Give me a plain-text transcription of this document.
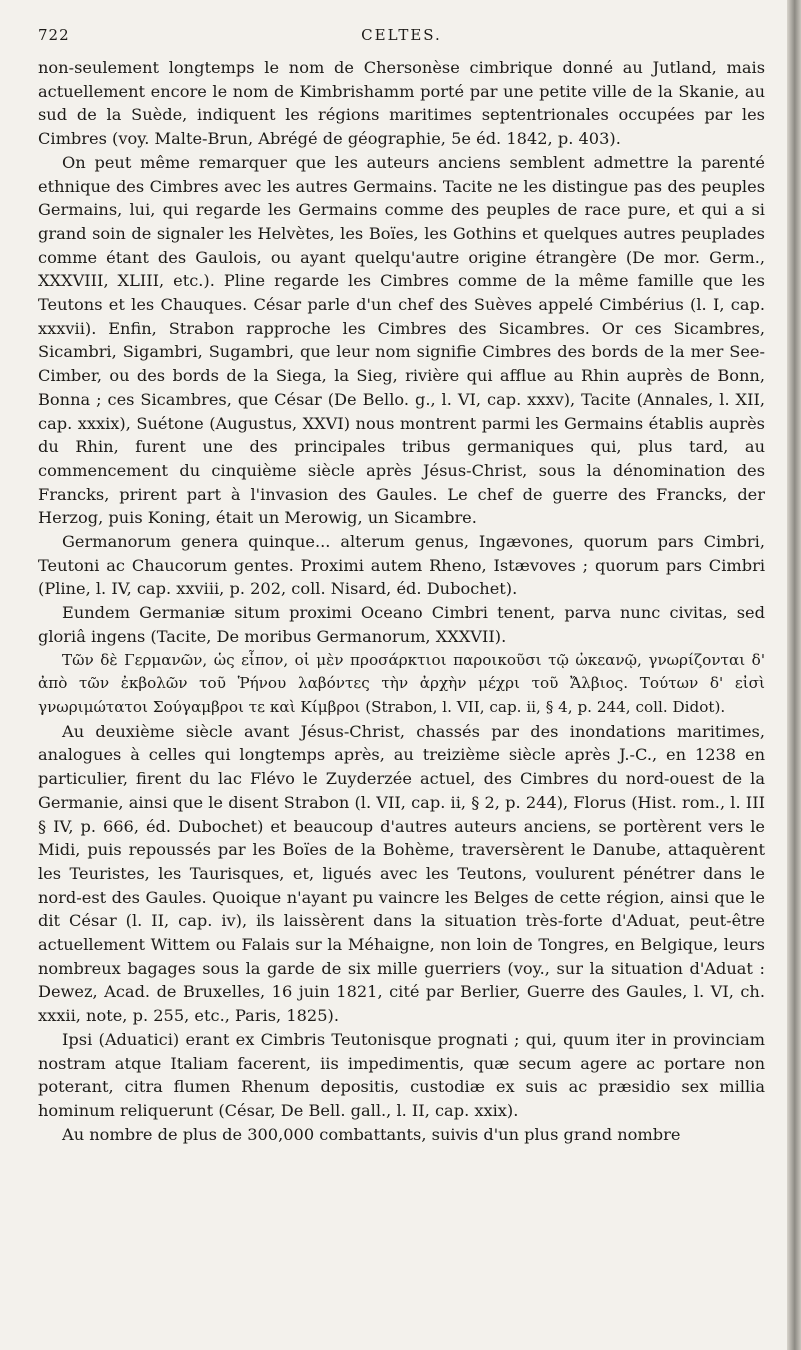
722	CELTES.

non-seulement longtemps le nom de Chersonèse cimbrique donné au Jutland, mais actuellement encore le nom de Kimbrishamm porté par une petite ville de la Skanie, au sud de la Suède, indiquent les régions maritimes septentrionales occupées par les Cimbres (voy. Malte-Brun, Abrégé de géographie, 5e éd. 1842, p. 403).

On peut même remarquer que les auteurs anciens semblent admettre la parenté ethnique des Cimbres avec les autres Germains. Tacite ne les distingue pas des peuples Germains, lui, qui regarde les Germains comme des peuples de race pure, et qui a si grand soin de signaler les Helvètes, les Boïes, les Gothins et quelques autres peuplades comme étant des Gaulois, ou ayant quelqu'autre origine étrangère (De mor. Germ., XXXVIII, XLIII, etc.). Pline regarde les Cimbres comme de la même famille que les Teutons et les Chauques. César parle d'un chef des Suèves appelé Cimbérius (l. I, cap. xxxvii). Enfin, Strabon rapproche les Cimbres des Sicambres. Or ces Sicambres, Sicambri, Sigambri, Sugambri, que leur nom signifie Cimbres des bords de la mer See-Cimber, ou des bords de la Siega, la Sieg, rivière qui afflue au Rhin auprès de Bonn, Bonna ; ces Sicambres, que César (De Bello. g., l. VI, cap. xxxv), Tacite (Annales, l. XII, cap. xxxix), Suétone (Augustus, XXVI) nous montrent parmi les Germains établis auprès du Rhin, furent une des principales tribus germaniques qui, plus tard, au commencement du cinquième siècle après Jésus-Christ, sous la dénomination des Francks, prirent part à l'invasion des Gaules. Le chef de guerre des Francks, der Herzog, puis Koning, était un Merowig, un Sicambre.

Germanorum genera quinque... alterum genus, Ingævones, quorum pars Cimbri, Teutoni ac Chaucorum gentes. Proximi autem Rheno, Istævoves ; quorum pars Cimbri (Pline, l. IV, cap. xxviii, p. 202, coll. Nisard, éd. Dubochet).

Eundem Germaniæ situm proximi Oceano Cimbri tenent, parva nunc civitas, sed gloriâ ingens (Tacite, De moribus Germanorum, XXXVII).

Τῶν δὲ Γερμανῶν, ὡς εἶπον, οἱ μὲν προσάρκτιοι παροικοῦσι τῷ ὠκεανῷ, γνωρίζονται δ' ἀπὸ τῶν ἐκβολῶν τοῦ Ῥήνου λαβόντες τὴν ἀρχὴν μέχρι τοῦ Ἄλβιος. Τούτων δ' εἰσὶ γνωριμώτατοι Σούγαμβροι τε καὶ Κίμβροι (Strabon, l. VII, cap. ii, § 4, p. 244, coll. Didot).

Au deuxième siècle avant Jésus-Christ, chassés par des inondations maritimes, analogues à celles qui longtemps après, au treizième siècle après J.-C., en 1238 en particulier, firent du lac Flévo le Zuyderzée actuel, des Cimbres du nord-ouest de la Germanie, ainsi que le disent Strabon (l. VII, cap. ii, § 2, p. 244), Florus (Hist. rom., l. III § IV, p. 666, éd. Dubochet) et beaucoup d'autres auteurs anciens, se portèrent vers le Midi, puis repoussés par les Boïes de la Bohème, traversèrent le Danube, attaquèrent les Teuristes, les Taurisques, et, ligués avec les Teutons, voulurent pénétrer dans le nord-est des Gaules. Quoique n'ayant pu vaincre les Belges de cette région, ainsi que le dit César (l. II, cap. iv), ils laissèrent dans la situation très-forte d'Aduat, peut-être actuellement Wittem ou Falais sur la Méhaigne, non loin de Tongres, en Belgique, leurs nombreux bagages sous la garde de six mille guerriers (voy., sur la situation d'Aduat : Dewez, Acad. de Bruxelles, 16 juin 1821, cité par Berlier, Guerre des Gaules, l. VI, ch. xxxii, note, p. 255, etc., Paris, 1825).

Ipsi (Aduatici) erant ex Cimbris Teutonisque prognati ; qui, quum iter in provinciam nostram atque Italiam facerent, iis impedimentis, quæ secum agere ac portare non poterant, citra flumen Rhenum depositis, custodiæ ex suis ac præsidio sex millia hominum reliquerunt (César, De Bell. gall., l. II, cap. xxix).

Au nombre de plus de 300,000 combattants, suivis d'un plus grand nombre
